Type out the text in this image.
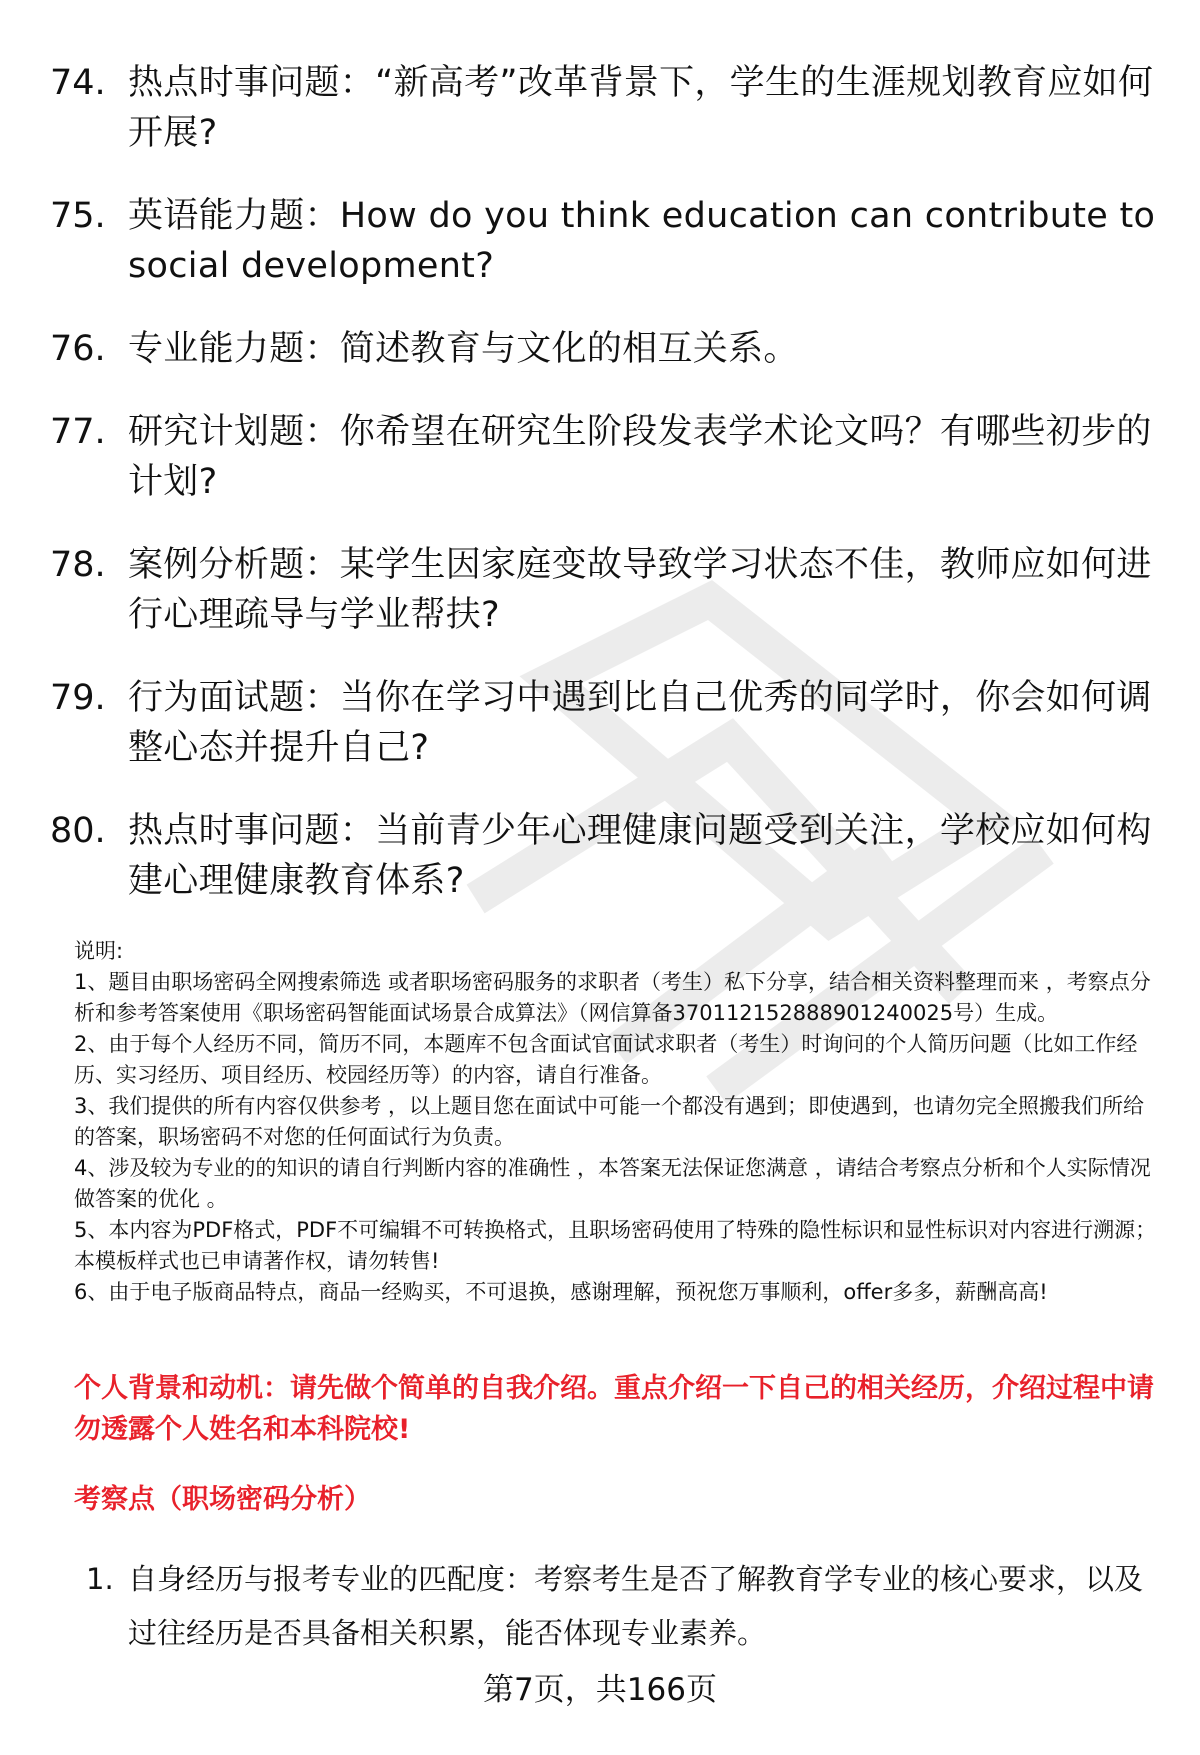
74. 热点时事问题：“新高考”改革背景下，学生的生涯规划教育应如何开展?
75. 英语能力题：How do you think education can contribute to social development?
76. 专业能力题：简述教育与文化的相互关系。
77. 研究计划题：你希望在研究生阶段发表学术论文吗？有哪些初步的计划?
78. 案例分析题：某学生因家庭变故导致学习状态不佳，教师应如何进行心理疏导与学业帮扶?
79. 行为面试题：当你在学习中遇到比自己优秀的同学时，你会如何调整心态并提升自己?
80. 热点时事问题：当前青少年心理健康问题受到关注，学校应如何构建心理健康教育体系?

说明:

1、题目由职场密码全网搜索筛选 或者职场密码服务的求职者（考生）私下分享，结合相关资料整理而来 ，考察点分析和参考答案使用《职场密码智能面试场景合成算法》（网信算备370112152888901240025号）生成。

2、由于每个人经历不同，简历不同，本题库不包含面试官面试求职者（考生）时询问的个人简历问题（比如工作经历、实习经历、项目经历、校园经历等）的内容，请自行准备。

3、我们提供的所有内容仅供参考 ，以上题目您在面试中可能一个都没有遇到；即使遇到，也请勿完全照搬我们所给的答案，职场密码不对您的任何面试行为负责。

4、涉及较为专业的的知识的请自行判断内容的准确性 ，本答案无法保证您满意 ，请结合考察点分析和个人实际情况做答案的优化 。

5、本内容为PDF格式，PDF不可编辑不可转换格式，且职场密码使用了特殊的隐性标识和显性标识对内容进行溯源；本模板样式也已申请著作权，请勿转售!

6、由于电子版商品特点，商品一经购买，不可退换，感谢理解，预祝您万事顺利，offer多多，薪酬高高!

个人背景和动机：请先做个简单的自我介绍。重点介绍一下自己的相关经历，介绍过程中请勿透露个人姓名和本科院校!
考察点（职场密码分析）
1. 自身经历与报考专业的匹配度：考察考生是否了解教育学专业的核心要求，以及过往经历是否具备相关积累，能否体现专业素养。
第7页，共166页
